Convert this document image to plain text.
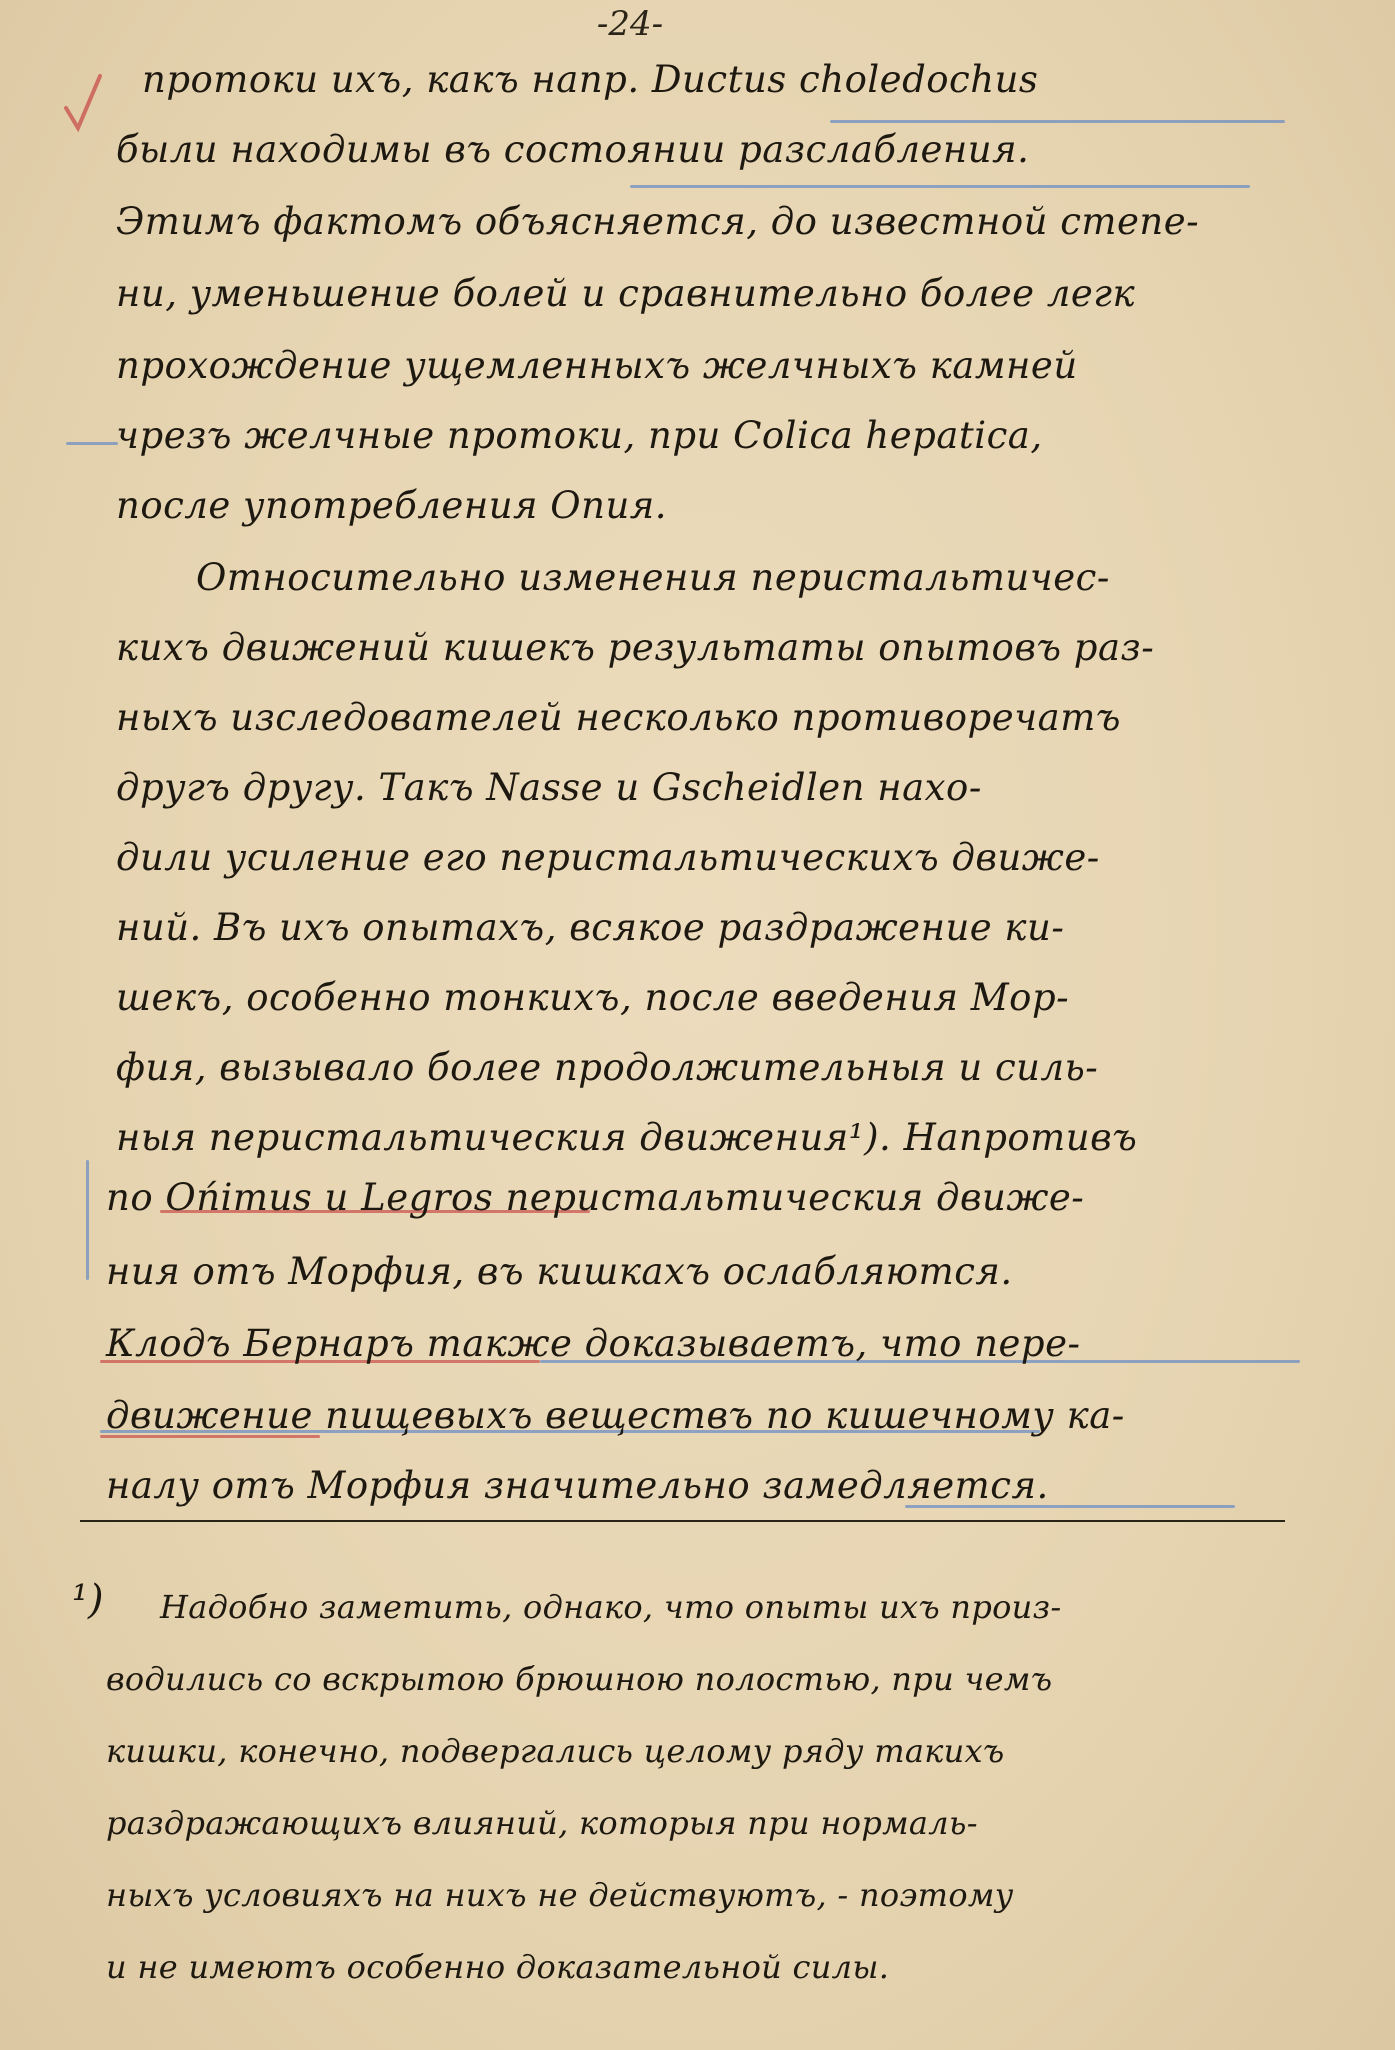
-24-
протоки ихъ, какъ напр. Ductus choledochus
были находимы въ состоянии разслабления.
Этимъ фактомъ объясняется, до известной степе-
ни, уменьшение болей и сравнительно более легк
прохождение ущемленныхъ желчныхъ камней
чрезъ желчные протоки, при Colica hepatica,
после употребления Опия.
Относительно изменения перистальтичес-
кихъ движений кишекъ результаты опытовъ раз-
ныхъ изследователей несколько противоречатъ
другъ другу. Такъ Nasse и Gscheidlen нахо-
дили усиление его перистальтическихъ движе-
ний. Въ ихъ опытахъ, всякое раздражение ки-
шекъ, особенно тонкихъ, после введения Мор-
фия, вызывало более продолжительныя и силь-
ныя перистальтическия движения¹). Напротивъ
по Ońimus и Legros перистальтическия движе-
ния отъ Морфия, въ кишкахъ ослабляются.
Клодъ Бернаръ также доказываетъ, что пере-
движение пищевыхъ веществъ по кишечному ка-
налу отъ Морфия значительно замедляется.
¹) Надобно заметить, однако, что опыты ихъ произ-
водились со вскрытою брюшною полостью, при чемъ
кишки, конечно, подвергались целому ряду такихъ
раздражающихъ влияний, которыя при нормаль-
ныхъ условияхъ на нихъ не действуютъ, - поэтому
и не имеютъ особенно доказательной силы.
